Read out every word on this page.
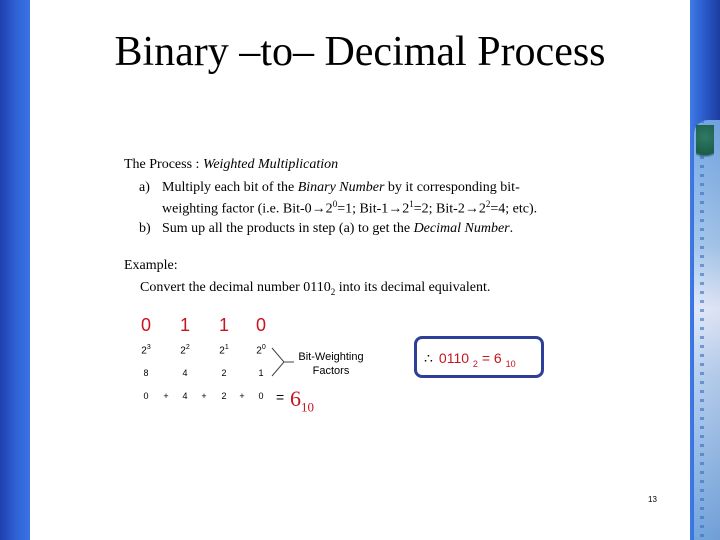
Binary –to– Decimal Process
The Process : Weighted Multiplication
a) Multiply each bit of the Binary Number by it corresponding bit-
weighting factor (i.e. Bit-$0\to 2^0=1$; Bit-$1\to 2^1=2$; Bit-$2\to 2^2=4$; etc).
b) Sum up all the products in step (a) to get the Decimal Number.
Example:
Convert the decimal number $0110_2$ into its decimal equivalent.
0 1 1 0
$2^3$	$2^2$	$2^1$	$2^0$
Bit-Weighting
Factors
8	4	2	1
0	+	4	+	2	+	$0 = 6_{10}$
∴ 0110 $_2$ = 6 $_{10}$
13
